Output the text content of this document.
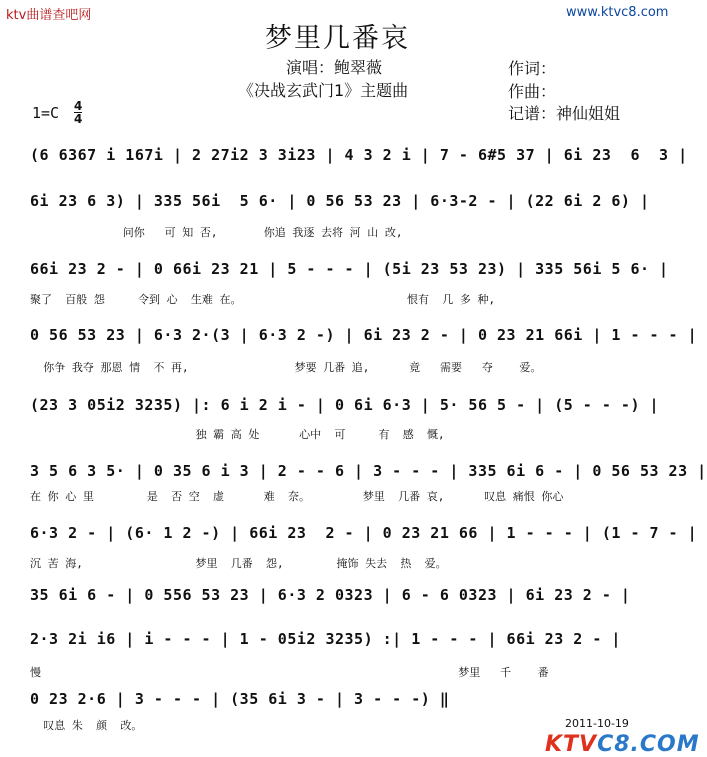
ktv曲谱查吧网	www.ktvc8.com
梦里几番哀
演唱：鲍翠薇
《决战玄武门1》主题曲
作词：
作曲：
记谱：神仙姐姐
$1=C \frac{4}{4}$
(6 6367 i 167i | 2 27i2 3 3i23 | 4 3 2 i | 7 - 6#5 37 | 6i 23  6  3 |
6i 23 6 3) | 335 56i  5 6· | 0 56 53 23 | 6·3-2 - | (22 6i 2 6) |
问你   可 知 否,       你追 我逐 去将 河 山 改,
66i 23 2 - | 0 66i 23 21 | 5 - - - | (5i 23 53 23) | 335 56i 5 6· |
聚了  百般 怨     令到 心  生难 在。                         恨有  几 多 种,
0 56 53 23 | 6·3 2·(3 | 6·3 2 -) | 6i 23 2 - | 0 23 21 66i | 1 - - - |
你争 我夺 那恩 情  不 再,                梦要 几番 追,      竟   需要   夺    爱。
(23 3 05i2 3235) |: 6 i 2 i - | 0 6i 6·3 | 5· 56 5 - | (5 - - -) |
独 霸 高 处      心中  可     有  感  慨,
3 5 6 3 5· | 0 35 6 i 3 | 2 - - 6 | 3 - - - | 335 6i 6 - | 0 56 53 23 |
在 你 心 里        是  否 空  虚      难  奈。        梦里  几番 哀,      叹息 痛恨 你心
6·3 2 - | (6· 1 2 -) | 66i 23  2 - | 0 23 21 66 | 1 - - - | (1 - 7 - |
沉 苦 海,                 梦里  几番  怨,        掩饰 失去  热  爱。
35 6i 6 - | 0 556 53 23 | 6·3 2 0323 | 6 - 6 0323 | 6i 23 2 - |
2·3 2i i6 | i - - - | 1 - 05i2 3235) :| 1 - - - | 66i 23 2 - |
慢                                                               梦里   千    番
0 23 2·6 | 3 - - - | (35 6i 3 - | 3 - - -) ‖
叹息 朱  颜  改。	2011-10-19
KTVC8.COM
